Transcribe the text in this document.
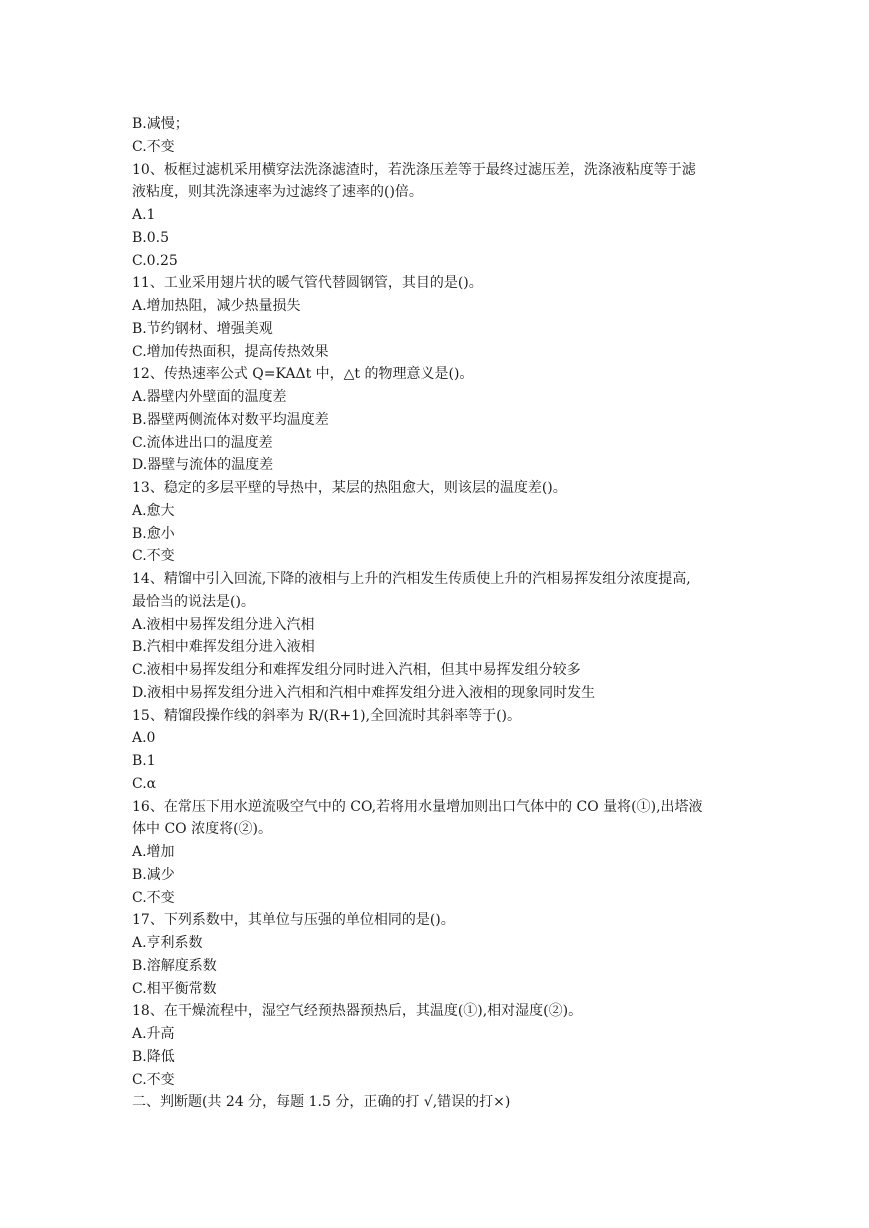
B.减慢；
C.不变
10、板框过滤机采用横穿法洗涤滤渣时，若洗涤压差等于最终过滤压差，洗涤液粘度等于滤
液粘度，则其洗涤速率为过滤终了速率的()倍。
A.1
B.0.5
C.0.25
11、工业采用翅片状的暖气管代替圆钢管，其目的是()。
A.增加热阻，减少热量损失
B.节约钢材、增强美观
C.增加传热面积，提高传热效果
12、传热速率公式 Q=KAΔt 中，△t 的物理意义是()。
A.器壁内外壁面的温度差
B.器壁两侧流体对数平均温度差
C.流体进出口的温度差
D.器壁与流体的温度差
13、稳定的多层平壁的导热中，某层的热阻愈大，则该层的温度差()。
A.愈大
B.愈小
C.不变
14、精馏中引入回流,下降的液相与上升的汽相发生传质使上升的汽相易挥发组分浓度提高,
最恰当的说法是()。
A.液相中易挥发组分进入汽相
B.汽相中难挥发组分进入液相
C.液相中易挥发组分和难挥发组分同时进入汽相，但其中易挥发组分较多
D.液相中易挥发组分进入汽相和汽相中难挥发组分进入液相的现象同时发生
15、精馏段操作线的斜率为 R/(R+1),全回流时其斜率等于()。
A.0
B.1
C.α
16、在常压下用水逆流吸空气中的 CO,若将用水量增加则出口气体中的 CO 量将(①),出塔液
体中 CO 浓度将(②)。
A.增加
B.减少
C.不变
17、下列系数中，其单位与压强的单位相同的是()。
A.亨利系数
B.溶解度系数
C.相平衡常数
18、在干燥流程中，湿空气经预热器预热后，其温度(①),相对湿度(②)。
A.升高
B.降低
C.不变
二、判断题(共 24 分，每题 1.5 分，正确的打 √,错误的打×)
